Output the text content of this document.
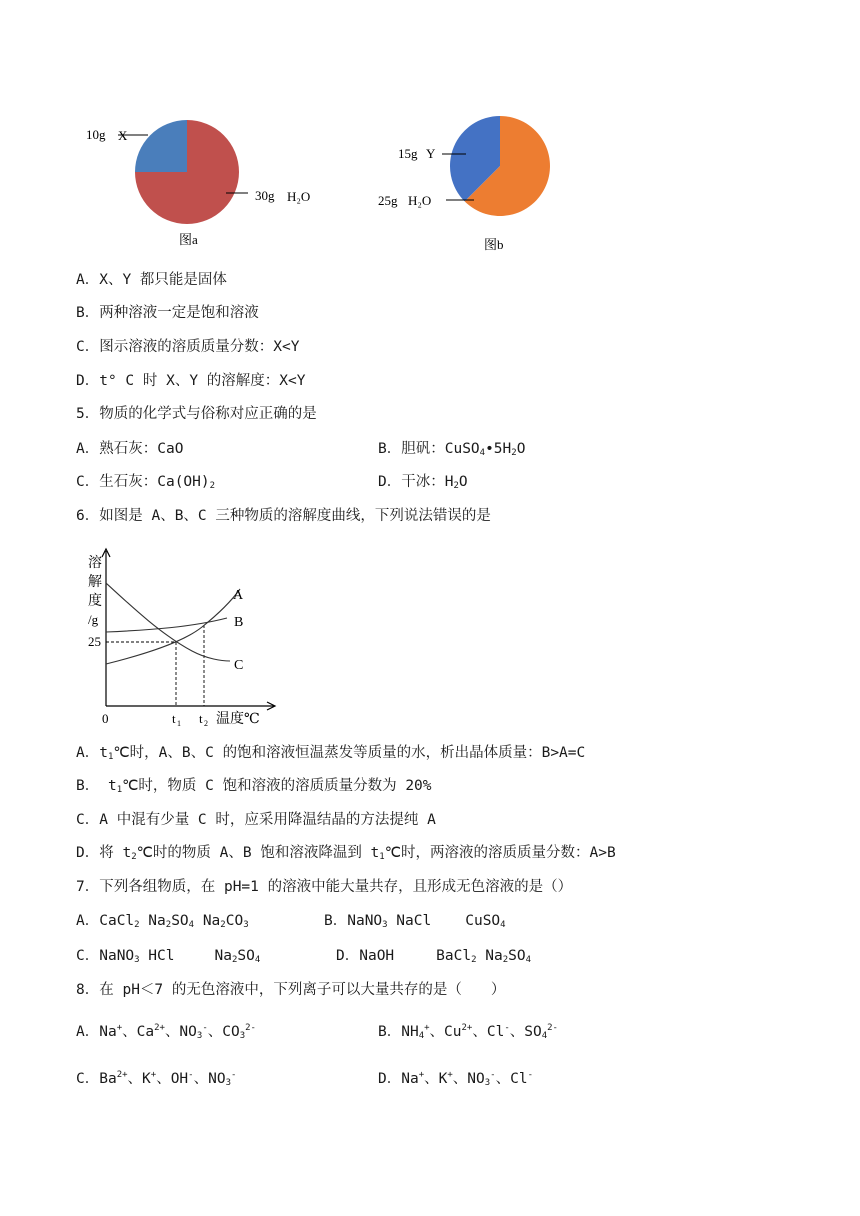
10g X
30g H₂O
图a
15g Y
25g H₂O
图b
A．X、Y 都只能是固体
B．两种溶液一定是饱和溶液
C．图示溶液的溶质质量分数：X<Y
D．t° C 时 X、Y 的溶解度：X<Y
5．物质的化学式与俗称对应正确的是
A．熟石灰：CaO	B．胆矾：$CuSO_4•5H_2O$
C．生石灰：$Ca(OH)_2$	D．干冰：$H_2O$
6．如图是 A、B、C 三种物质的溶解度曲线，下列说法错误的是
溶
解
度
/g
25
A
B
C
0	t 1 t 2 温度℃
A．$t_1℃$时，A、B、C 的饱和溶液恒温蒸发等质量的水，析出晶体质量：B>A=C
B． $t_1℃$时，物质 C 饱和溶液的溶质质量分数为 20%
C．A 中混有少量 C 时，应采用降温结晶的方法提纯 A
D．将 $t_2℃$时的物质 A、B 饱和溶液降温到 $t_1℃$时，两溶液的溶质质量分数：A>B
7．下列各组物质，在 pH=1 的溶液中能大量共存，且形成无色溶液的是（）
A．CaCl$_2$ $Na_2SO_4$ $Na_2CO_3$	B．NaNO$_3$ NaCl CuSO$_4$
C．NaNO$_3$ HCl	$Na_2SO_4$	D．NaOH	BaCl$_2$ $Na_2SO_4$
8．在 pH＜7 的无色溶液中，下列离子可以大量共存的是（　　）
A．Na+、$Ca^{2+}$、$NO_3^-$、$CO_3^{2-}$	B．$NH_4^+$、$Cu^{2+}$、Cl-、$SO_4^{2-}$
C．$Ba^{2+}$、K+、OH-、$NO_3^-$	D．Na+、K+、$NO_3^-$、Cl-
